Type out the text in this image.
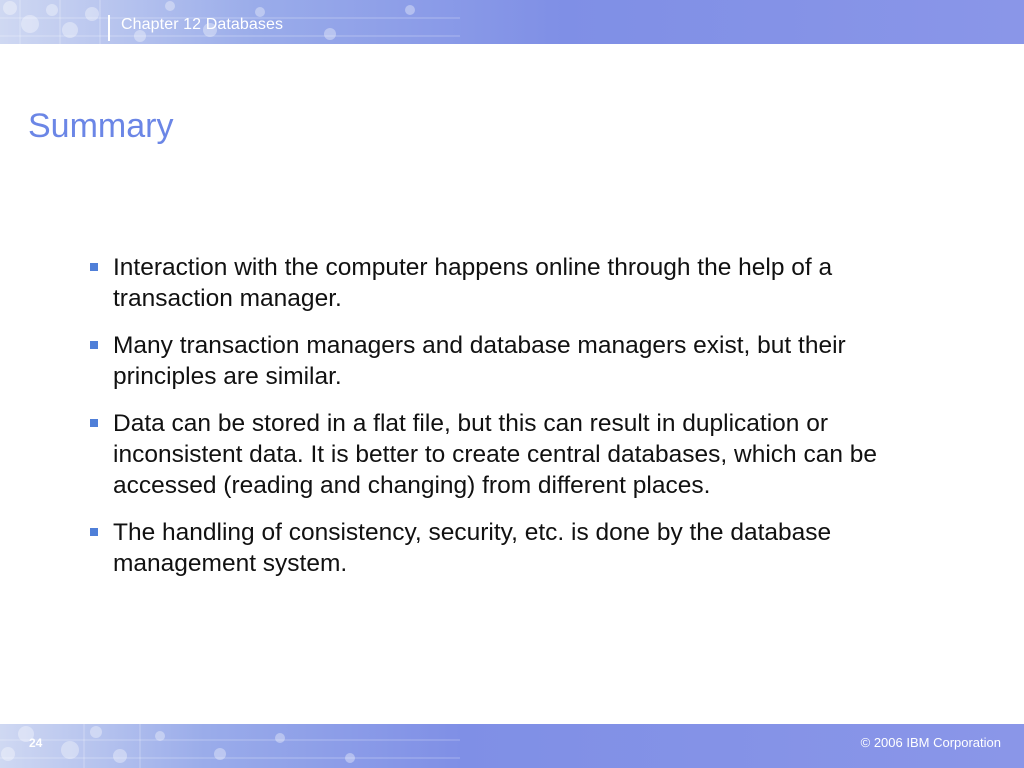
Chapter 12 Databases
Summary
Interaction with the computer happens online through the help of a transaction manager.
Many transaction managers and database managers exist, but their principles are similar.
Data can be stored in a flat file, but this can result in duplication or inconsistent data. It is better to create central databases, which can be accessed (reading and changing) from different places.
The handling of consistency, security, etc. is done by the database management system.
24	© 2006 IBM Corporation
